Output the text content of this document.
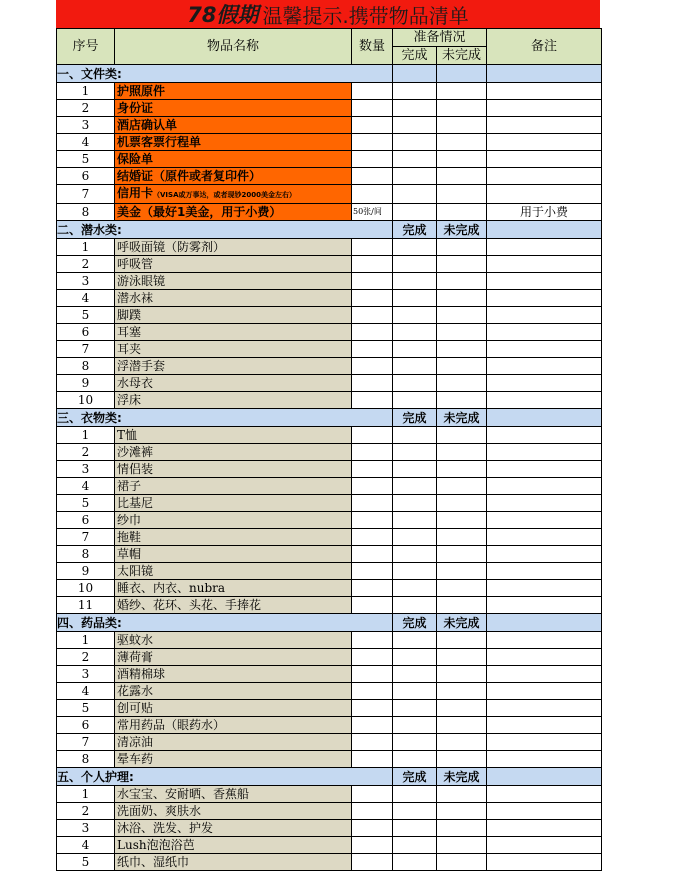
78假期 温馨提示.携带物品清单
序号	物品名称	数量	准备情况		备注
			完成	未完成	
一、文件类:					
1	护照原件				
2	身份证				
3	酒店确认单				
4	机票客票行程单				
5	保险单				
6	结婚证（原件或者复印件）				
7	信用卡（VISA或万事达，或者现钞2000美金左右）				
8	美金（最好1美金，用于小费）	50张/间			用于小费
二、潜水类:			完成	未完成	
1	呼吸面镜（防雾剂）				
2	呼吸管				
3	游泳眼镜				
4	潜水袜				
5	脚蹼				
6	耳塞				
7	耳夹				
8	浮潜手套				
9	水母衣				
10	浮床				
三、衣物类:			完成	未完成	
1	T恤				
2	沙滩裤				
3	情侣装				
4	裙子				
5	比基尼				
6	纱巾				
7	拖鞋				
8	草帽				
9	太阳镜				
10	睡衣、内衣、nubra				
11	婚纱、花环、头花、手捧花				
四、药品类:			完成	未完成	
1	驱蚊水				
2	薄荷膏				
3	酒精棉球				
4	花露水				
5	创可贴				
6	常用药品（眼药水）				
7	清凉油				
8	晕车药				
五、个人护理:			完成	未完成	
1	水宝宝、安耐晒、香蕉船				
2	洗面奶、爽肤水				
3	沐浴、洗发、护发				
4	Lush泡泡浴芭				
5	纸巾、湿纸巾				
